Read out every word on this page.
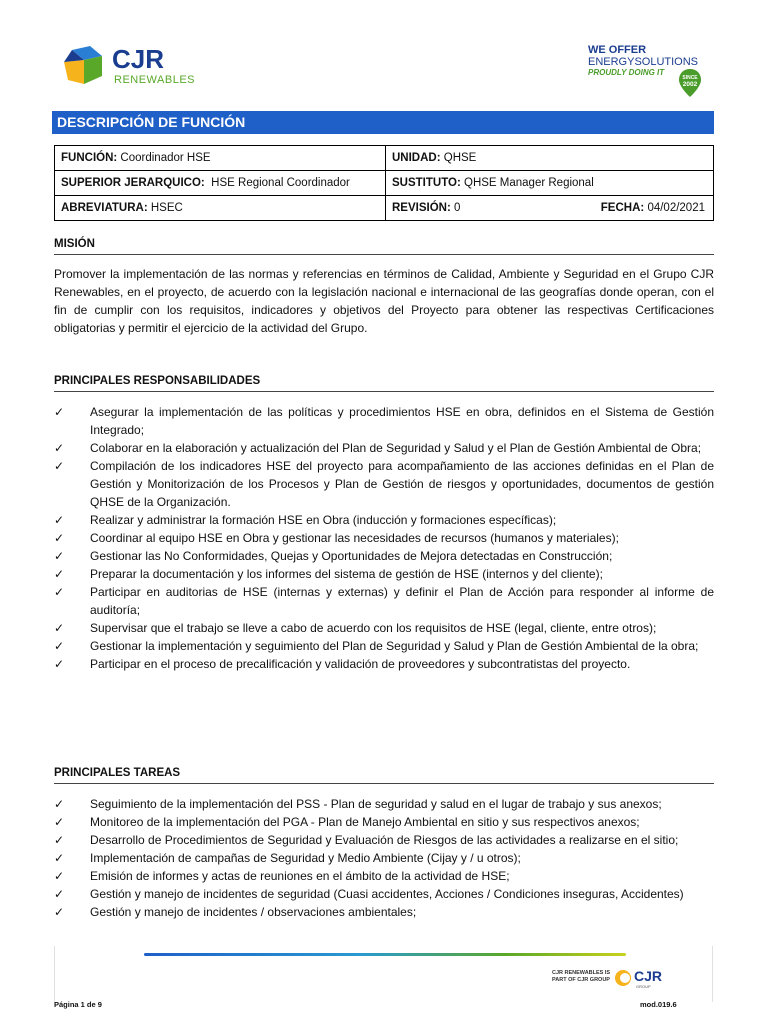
CJR
RENEWABLES
WE OFFER
ENERGYSOLUTIONS
PROUDLY DOING IT
SINCE
2002
DESCRIPCIÓN DE FUNCIÓN
FUNCIÓN: Coordinador HSE	UNIDAD: QHSE
SUPERIOR JERARQUICO: HSE Regional Coordinador	SUSTITUTO: QHSE Manager Regional
ABREVIATURA: HSEC	REVISIÓN: 0 FECHA: 04/02/2021
MISIÓN
Promover la implementación de las normas y referencias en términos de Calidad, Ambiente y Seguridad en el Grupo CJR Renewables, en el proyecto, de acuerdo con la legislación nacional e internacional de las geografías donde operan, con el fin de cumplir con los requisitos, indicadores y objetivos del Proyecto para obtener las respectivas Certificaciones obligatorias y permitir el ejercicio de la actividad del Grupo.
PRINCIPALES RESPONSABILIDADES
✓ Asegurar la implementación de las políticas y procedimientos HSE en obra, definidos en el Sistema de Gestión Integrado;
✓ Colaborar en la elaboración y actualización del Plan de Seguridad y Salud y el Plan de Gestión Ambiental de Obra;
✓ Compilación de los indicadores HSE del proyecto para acompañamiento de las acciones definidas en el Plan de Gestión y Monitorización de los Procesos y Plan de Gestión de riesgos y oportunidades, documentos de gestión QHSE de la Organización.
✓ Realizar y administrar la formación HSE en Obra (inducción y formaciones específicas);
✓ Coordinar al equipo HSE en Obra y gestionar las necesidades de recursos (humanos y materiales);
✓ Gestionar las No Conformidades, Quejas y Oportunidades de Mejora detectadas en Construcción;
✓ Preparar la documentación y los informes del sistema de gestión de HSE (internos y del cliente);
✓ Participar en auditorias de HSE (internas y externas) y definir el Plan de Acción para responder al informe de auditoría;
✓ Supervisar que el trabajo se lleve a cabo de acuerdo con los requisitos de HSE (legal, cliente, entre otros);
✓ Gestionar la implementación y seguimiento del Plan de Seguridad y Salud y Plan de Gestión Ambiental de la obra;
✓ Participar en el proceso de precalificación y validación de proveedores y subcontratistas del proyecto.
PRINCIPALES TAREAS
✓ Seguimiento de la implementación del PSS - Plan de seguridad y salud en el lugar de trabajo y sus anexos;
✓ Monitoreo de la implementación del PGA - Plan de Manejo Ambiental en sitio y sus respectivos anexos;
✓ Desarrollo de Procedimientos de Seguridad y Evaluación de Riesgos de las actividades a realizarse en el sitio;
✓ Implementación de campañas de Seguridad y Medio Ambiente (Cijay y / u otros);
✓ Emisión de informes y actas de reuniones en el ámbito de la actividad de HSE;
✓ Gestión y manejo de incidentes de seguridad (Cuasi accidentes, Acciones / Condiciones inseguras, Accidentes)
✓ Gestión y manejo de incidentes / observaciones ambientales;
CJR RENEWABLES IS PART OF CJR GROUP CJR
GROUP
Página 1 de 9	mod.019.6
